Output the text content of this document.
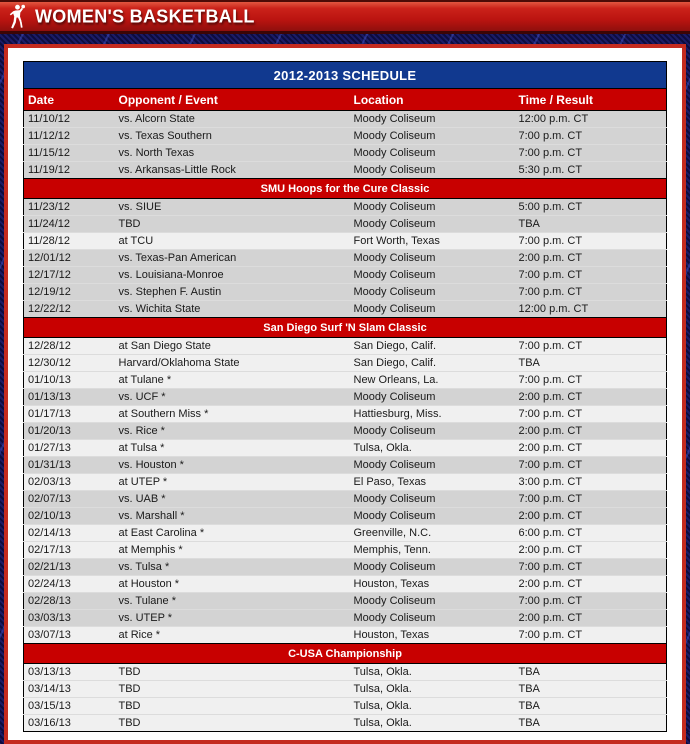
WOMEN'S BASKETBALL
2012-2013 SCHEDULE			
Date	Opponent / Event	Location	Time / Result
11/10/12	vs. Alcorn State	Moody Coliseum	12:00 p.m. CT
11/12/12	vs. Texas Southern	Moody Coliseum	7:00 p.m. CT
11/15/12	vs. North Texas	Moody Coliseum	7:00 p.m. CT
11/19/12	vs. Arkansas-Little Rock	Moody Coliseum	5:30 p.m. CT
SMU Hoops for the Cure Classic			
11/23/12	vs. SIUE	Moody Coliseum	5:00 p.m. CT
11/24/12	TBD	Moody Coliseum	TBA
11/28/12	at TCU	Fort Worth, Texas	7:00 p.m. CT
12/01/12	vs. Texas-Pan American	Moody Coliseum	2:00 p.m. CT
12/17/12	vs. Louisiana-Monroe	Moody Coliseum	7:00 p.m. CT
12/19/12	vs. Stephen F. Austin	Moody Coliseum	7:00 p.m. CT
12/22/12	vs. Wichita State	Moody Coliseum	12:00 p.m. CT
San Diego Surf 'N Slam Classic			
12/28/12	at San Diego State	San Diego, Calif.	7:00 p.m. CT
12/30/12	Harvard/Oklahoma State	San Diego, Calif.	TBA
01/10/13	at Tulane *	New Orleans, La.	7:00 p.m. CT
01/13/13	vs. UCF *	Moody Coliseum	2:00 p.m. CT
01/17/13	at Southern Miss *	Hattiesburg, Miss.	7:00 p.m. CT
01/20/13	vs. Rice *	Moody Coliseum	2:00 p.m. CT
01/27/13	at Tulsa *	Tulsa, Okla.	2:00 p.m. CT
01/31/13	vs. Houston *	Moody Coliseum	7:00 p.m. CT
02/03/13	at UTEP *	El Paso, Texas	3:00 p.m. CT
02/07/13	vs. UAB *	Moody Coliseum	7:00 p.m. CT
02/10/13	vs. Marshall *	Moody Coliseum	2:00 p.m. CT
02/14/13	at East Carolina *	Greenville, N.C.	6:00 p.m. CT
02/17/13	at Memphis *	Memphis, Tenn.	2:00 p.m. CT
02/21/13	vs. Tulsa *	Moody Coliseum	7:00 p.m. CT
02/24/13	at Houston *	Houston, Texas	2:00 p.m. CT
02/28/13	vs. Tulane *	Moody Coliseum	7:00 p.m. CT
03/03/13	vs. UTEP *	Moody Coliseum	2:00 p.m. CT
03/07/13	at Rice *	Houston, Texas	7:00 p.m. CT
C-USA Championship			
03/13/13	TBD	Tulsa, Okla.	TBA
03/14/13	TBD	Tulsa, Okla.	TBA
03/15/13	TBD	Tulsa, Okla.	TBA
03/16/13	TBD	Tulsa, Okla.	TBA
